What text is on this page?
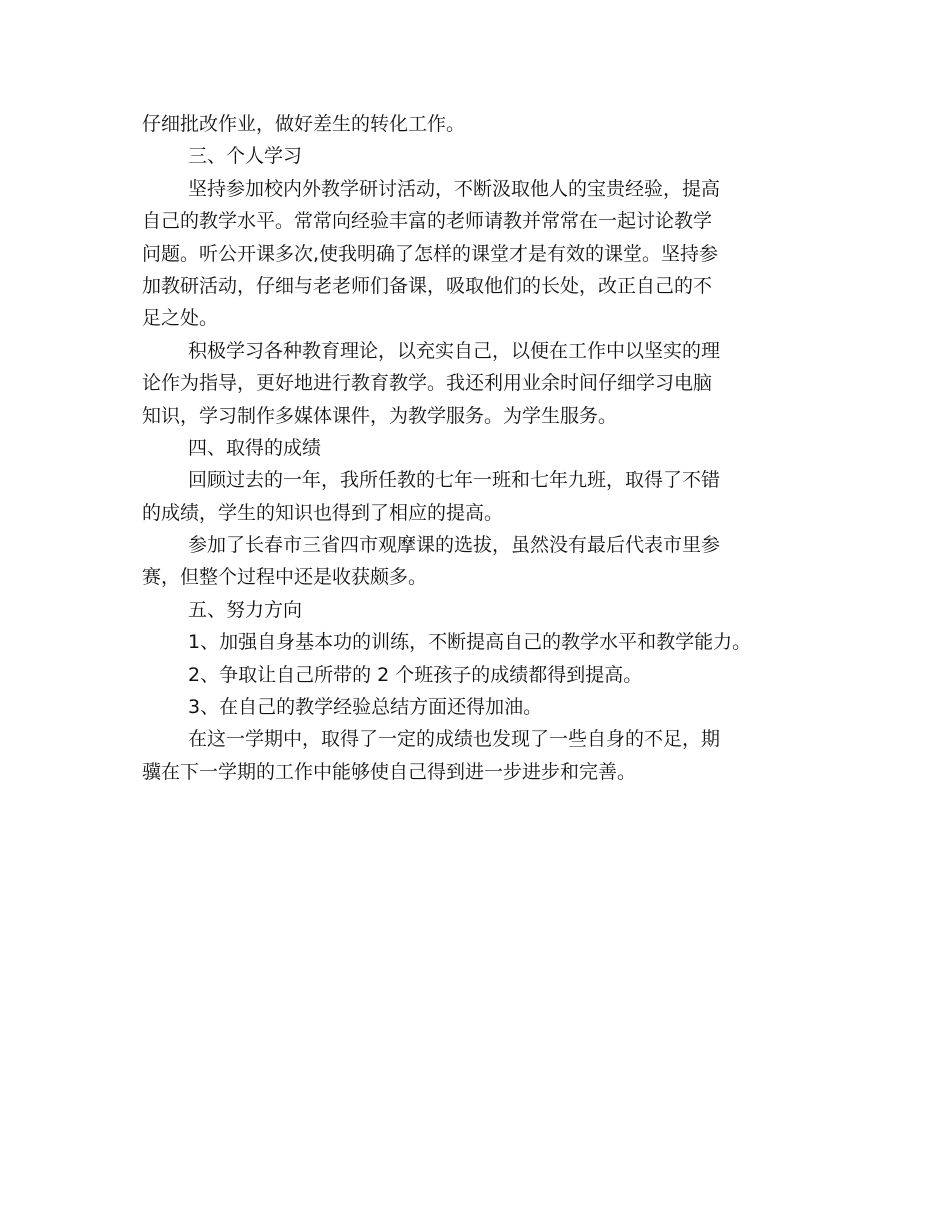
仔细批改作业，做好差生的转化工作。
三、个人学习
坚持参加校内外教学研讨活动，不断汲取他人的宝贵经验，提高
自己的教学水平。常常向经验丰富的老师请教并常常在一起讨论教学
问题。听公开课多次,使我明确了怎样的课堂才是有效的课堂。坚持参
加教研活动，仔细与老老师们备课，吸取他们的长处，改正自己的不
足之处。
积极学习各种教育理论，以充实自己，以便在工作中以坚实的理
论作为指导，更好地进行教育教学。我还利用业余时间仔细学习电脑
知识，学习制作多媒体课件，为教学服务。为学生服务。
四、取得的成绩
回顾过去的一年，我所任教的七年一班和七年九班，取得了不错
的成绩，学生的知识也得到了相应的提高。
参加了长春市三省四市观摩课的选拔，虽然没有最后代表市里参
赛，但整个过程中还是收获颇多。
五、努力方向
1、加强自身基本功的训练，不断提高自己的教学水平和教学能力。
2、争取让自己所带的 2 个班孩子的成绩都得到提高。
3、在自己的教学经验总结方面还得加油。
在这一学期中，取得了一定的成绩也发现了一些自身的不足，期
骥在下一学期的工作中能够使自己得到进一步进步和完善。
